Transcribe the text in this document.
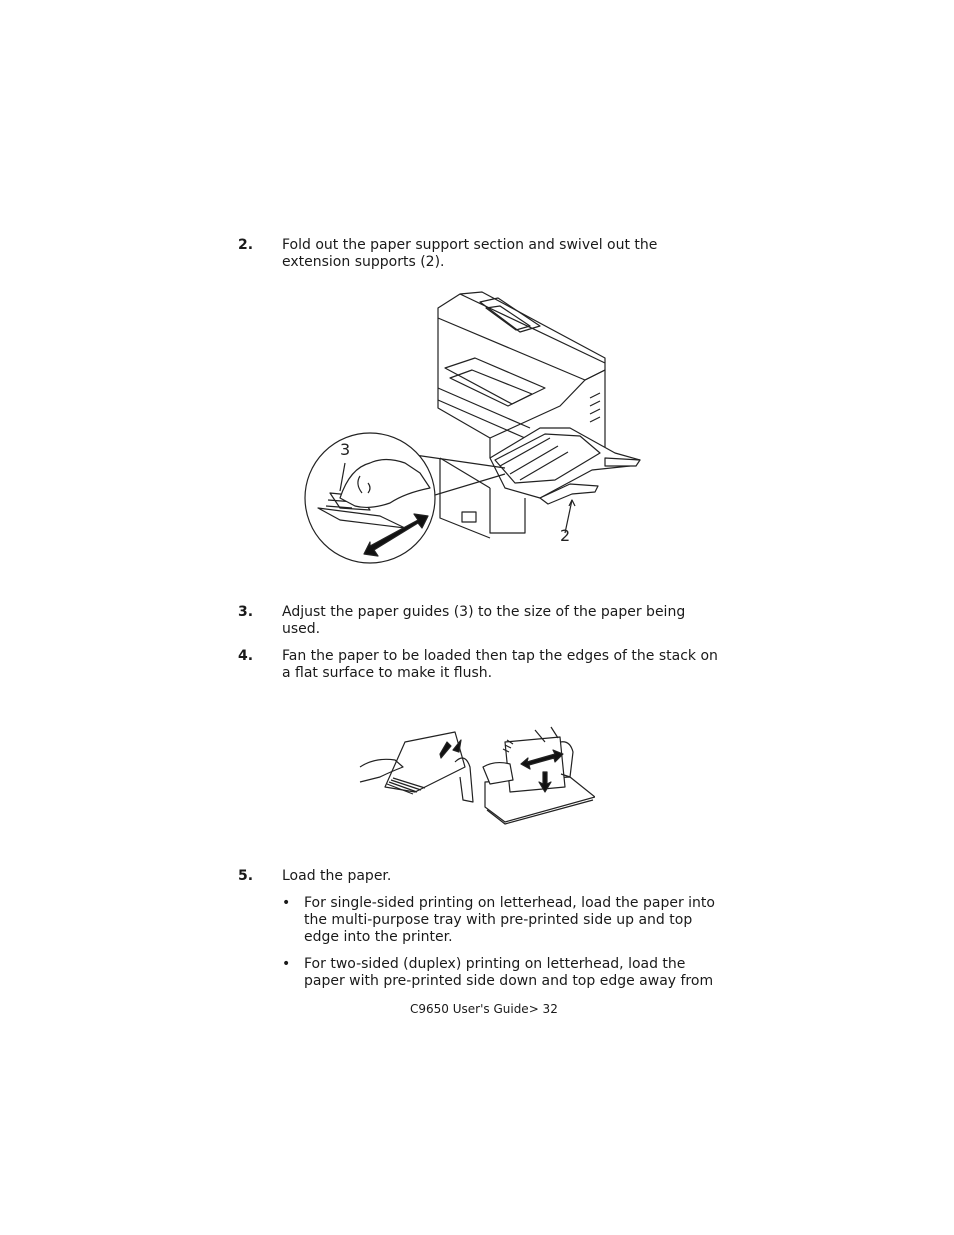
2. Fold out the paper support section and swivel out the extension supports (2).
3
2
3. Adjust the paper guides (3) to the size of the paper being used.
4. Fan the paper to be loaded then tap the edges of the stack on a flat surface to make it flush.
5. Load the paper.
• For single-sided printing on letterhead, load the paper into the multi-purpose tray with pre-printed side up and top edge into the printer.
• For two-sided (duplex) printing on letterhead, load the paper with pre-printed side down and top edge away from
C9650 User's Guide> 32
